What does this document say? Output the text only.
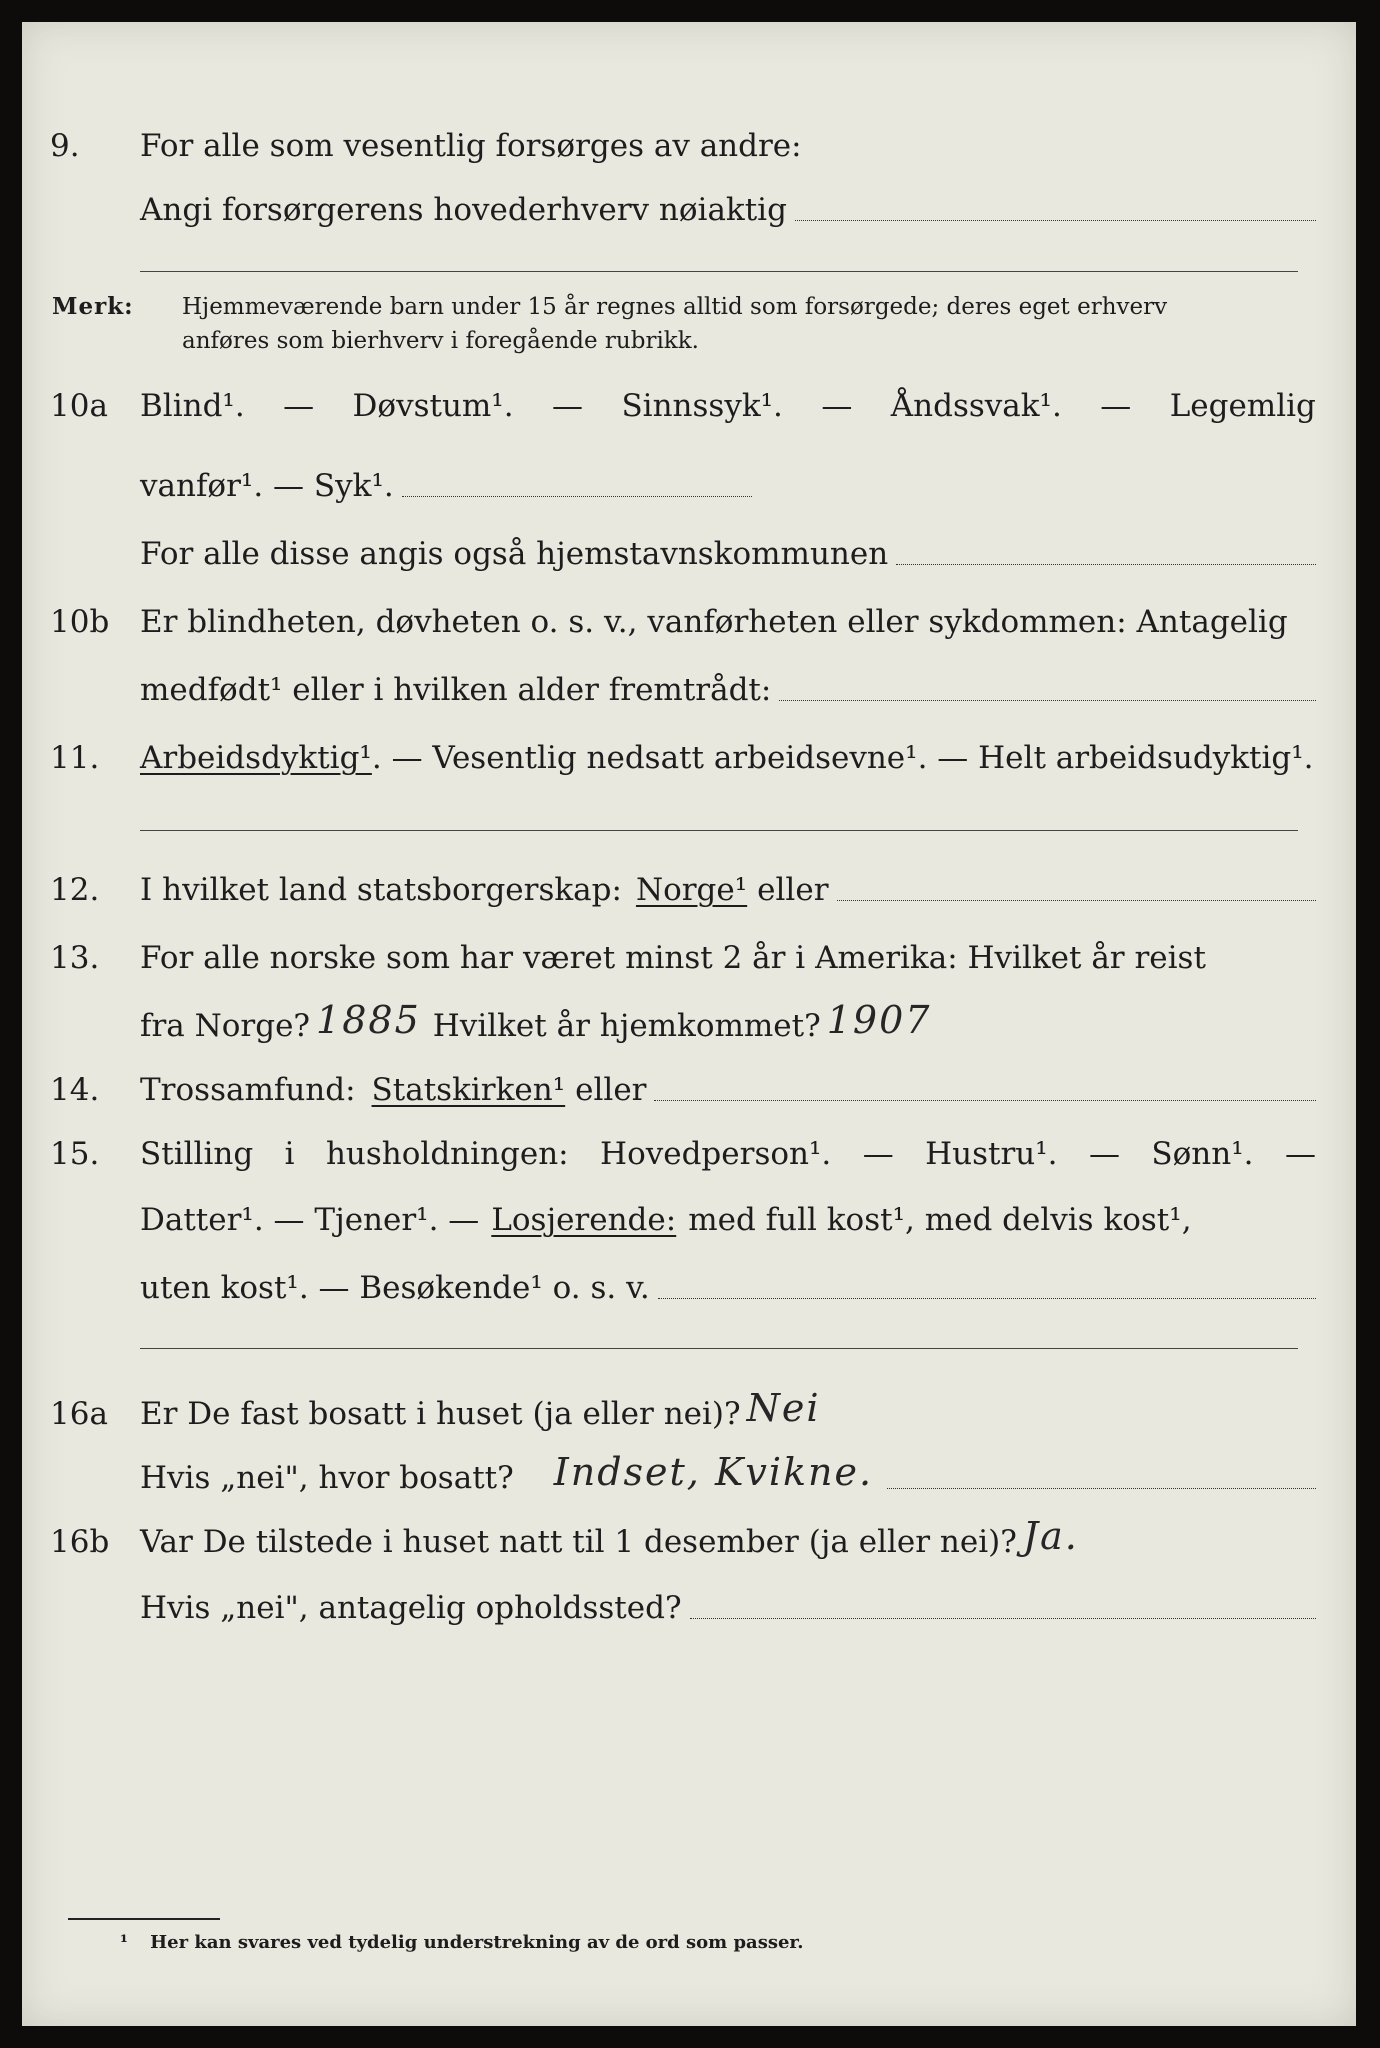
9.	For alle som vesentlig forsørges av andre:
Angi forsørgerens hovederhverv nøiaktig
Merk: Hjemmeværende barn under 15 år regnes alltid som forsørgede; deres eget erhverv
anføres som bierhverv i foregående rubrikk.
10a	Blind¹. — Døvstum¹. — Sinnssyk¹. — Åndssvak¹. — Legemlig
vanfør¹. — Syk¹.
For alle disse angis også hjemstavnskommunen
10b Er blindheten, døvheten o. s. v., vanførheten eller sykdommen: Antagelig
medfødt¹ eller i hvilken alder fremtrådt:
11.	Arbeidsdyktig¹ . — Vesentlig nedsatt arbeidsevne¹. — Helt arbeidsudyktig¹.
12.	I hvilket land statsborgerskap: Norge¹ eller
13.	For alle norske som har været minst 2 år i Amerika: Hvilket år reist
fra Norge? 1885 Hvilket år hjemkommet? 1907
14.	Trossamfund: Statskirken¹ eller
15.	Stilling i husholdningen: Hovedperson¹. — Hustru¹. — Sønn¹. —
Datter¹. — Tjener¹. — Losjerende: med full kost¹, med delvis kost¹,
uten kost¹. — Besøkende¹ o. s. v.
16a	Er De fast bosatt i huset (ja eller nei)? Nei
Hvis „nei", hvor bosatt? Indset, Kvikne.
16b Var De tilstede i huset natt til 1 desember (ja eller nei)? Ja.
Hvis „nei", antagelig opholdssted?
¹ Her kan svares ved tydelig understrekning av de ord som passer.
